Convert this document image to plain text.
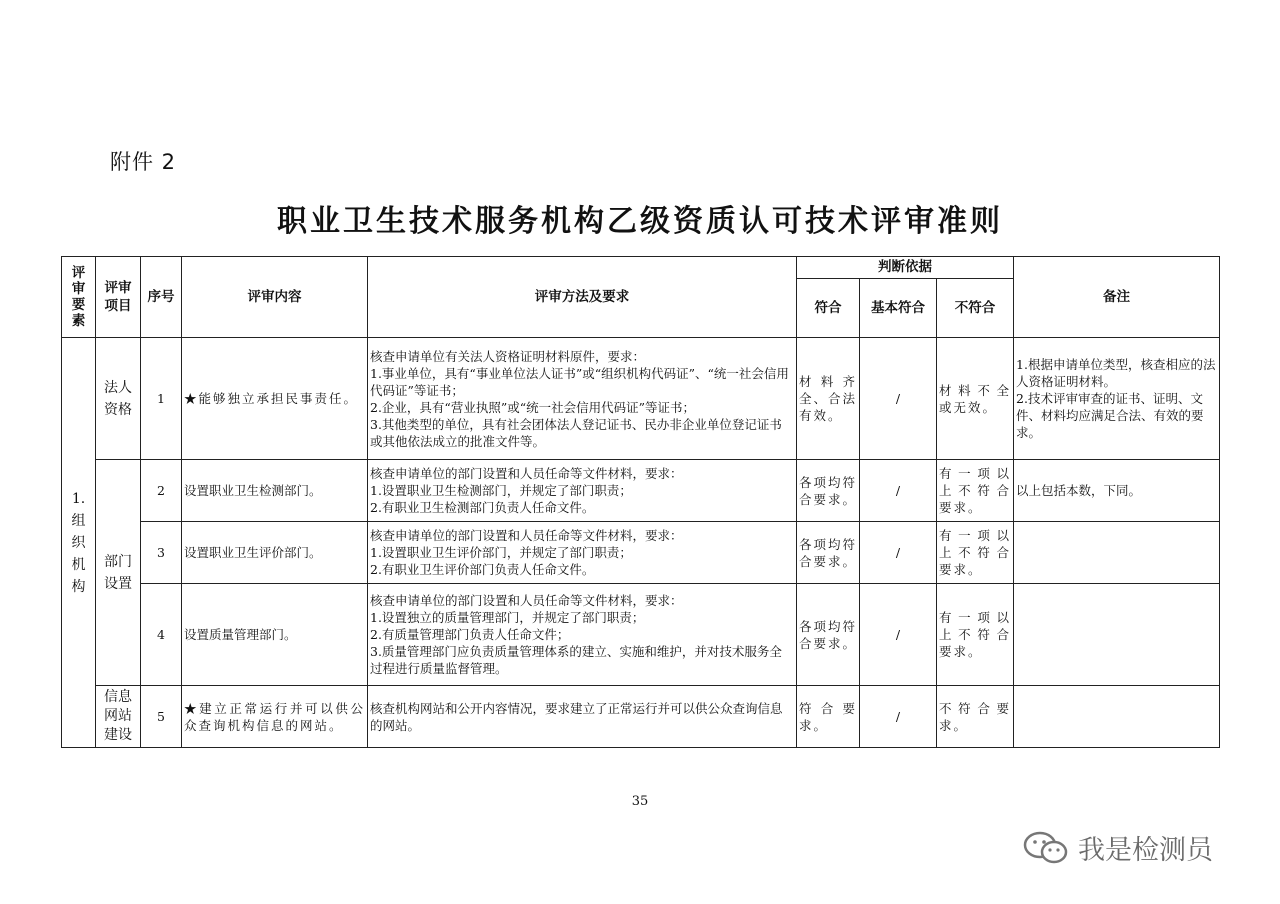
附件 2
职业卫生技术服务机构乙级资质认可技术评审准则
评审要素	评审项目	序号	评审内容	评审方法及要求	判断依据			备注
					符合	基本符合	不符合	
1.组织机构	法人资格	1	★能够独立承担民事责任。	核查申请单位有关法人资格证明材料原件，要求：
1.事业单位，具有“事业单位法人证书”或“组织机构代码证”、“统一社会信用代码证”等证书；
2.企业，具有“营业执照”或“统一社会信用代码证”等证书；
3.其他类型的单位，具有社会团体法人登记证书、民办非企业单位登记证书或其他依法成立的批准文件等。	材料齐全、合法有效。	/	材料不全或无效。	1.根据申请单位类型，核查相应的法人资格证明材料。
2.技术评审审查的证书、证明、文件、材料均应满足合法、有效的要求。

	部门设置	2	设置职业卫生检测部门。	核查申请单位的部门设置和人员任命等文件材料，要求：
1.设置职业卫生检测部门，并规定了部门职责；
2.有职业卫生检测部门负责人任命文件。	各项均符合要求。	/	有一项以上不符合要求。	以上包括本数，下同。

		3	设置职业卫生评价部门。	核查申请单位的部门设置和人员任命等文件材料，要求：
1.设置职业卫生评价部门，并规定了部门职责；
2.有职业卫生评价部门负责人任命文件。	各项均符合要求。	/	有一项以上不符合要求。	
		4	设置质量管理部门。	核查申请单位的部门设置和人员任命等文件材料，要求：
1.设置独立的质量管理部门，并规定了部门职责；
2.有质量管理部门负责人任命文件；
3.质量管理部门应负责质量管理体系的建立、实施和维护，并对技术服务全过程进行质量监督管理。	各项均符合要求。	/	有一项以上不符合要求。	
	信息网站建设	5	★建立正常运行并可以供公众查询机构信息的网站。	核查机构网站和公开内容情况，要求建立了正常运行并可以供公众查询信息的网站。	符合要求。	/	不符合要求。	
35
我是检测员
